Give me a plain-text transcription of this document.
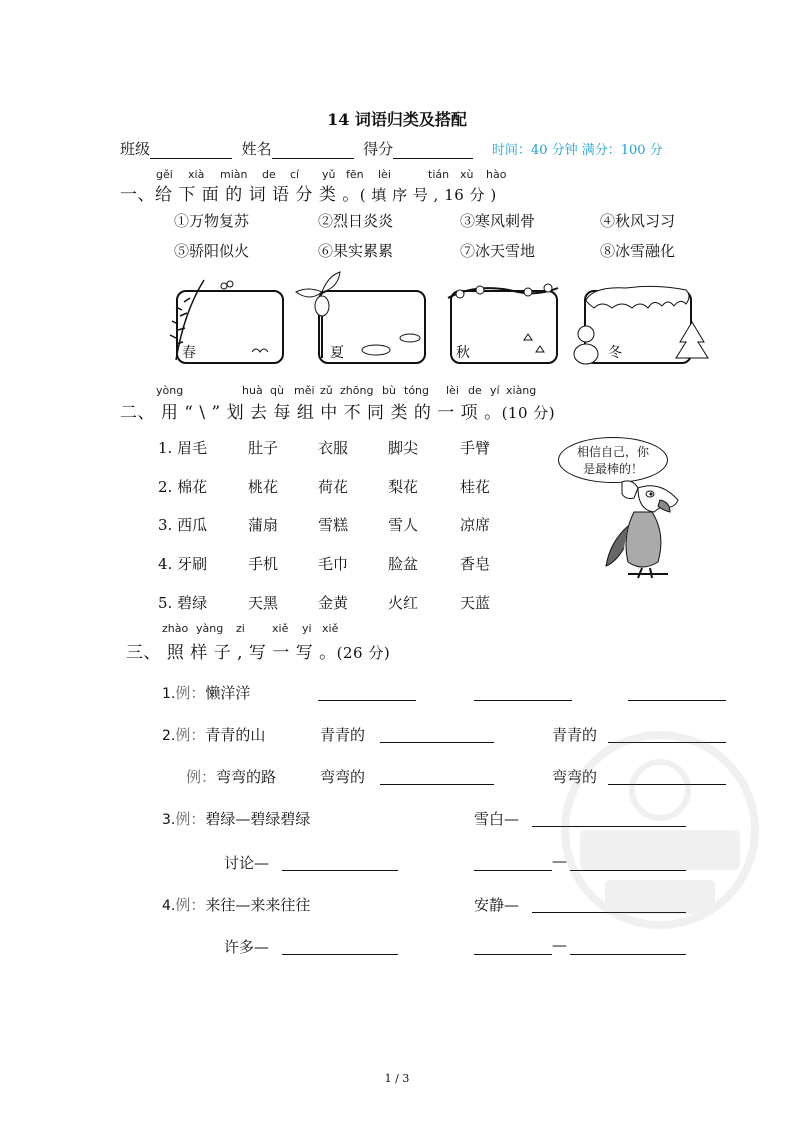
14 词语归类及搭配
班级	姓名	得分	时间：40 分钟 满分：100 分
gěi xià miàn de cí yǔ fēn lèi	tián xù hào
一、给 下 面 的 词 语 分 类 。( 填 序 号 , 16 分 )
①万物复苏	②烈日炎炎	③寒风刺骨	④秋风习习
⑤骄阳似火	⑥果实累累	⑦冰天雪地	⑧冰雪融化
春	夏	秋	冬
yòng	huà qù měi zǔ zhōng bù tóng lèi de yí xiàng
二、 用 “ \ ” 划 去 每 组 中 不 同 类 的 一 项 。(10 分)
1. 眉毛	肚子	衣服	脚尖	手臂
2. 棉花	桃花	荷花	梨花	桂花
3. 西瓜	蒲扇	雪糕	雪人	凉席
4. 牙刷	手机	毛巾	脸盆	香皂
5. 碧绿	天黑	金黄	火红	天蓝
相信自己，你
是最棒的！
zhào yàng zi xiě yi xiě
三、 照 样 子 , 写 一 写 。(26 分)
1.例：懒洋洋
2.例：青青的山	青青的	青青的
例：弯弯的路	弯弯的	弯弯的
3.例：碧绿—碧绿碧绿	雪白—
讨论—	—
4.例：来往—来来往往	安静—
许多—	—
1 / 3
